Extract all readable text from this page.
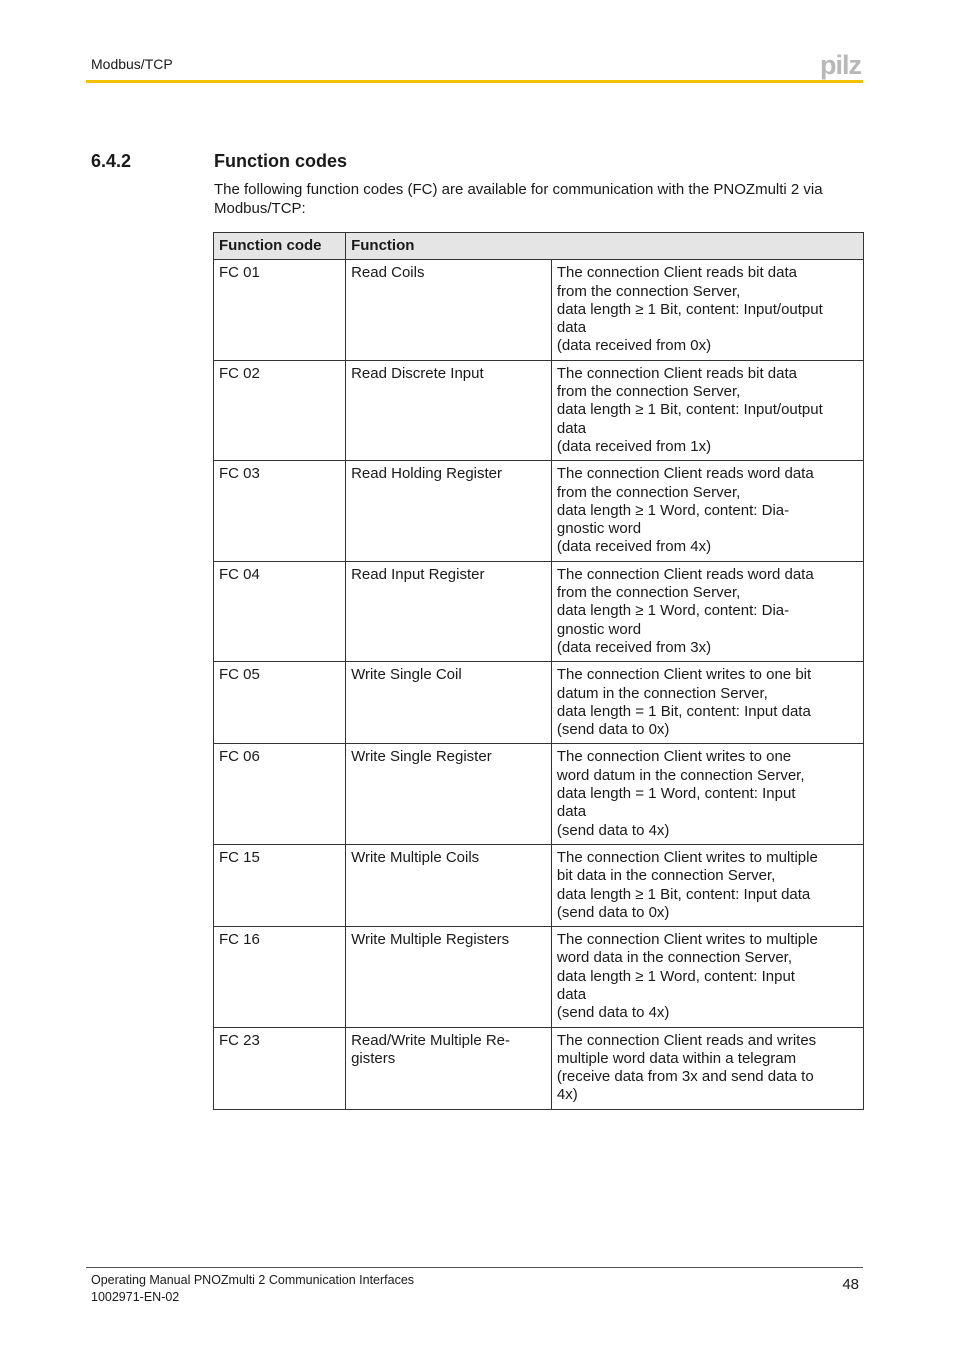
Modbus/TCP	pilz
6.4.2	Function codes
The following function codes (FC) are available for communication with the PNOZmulti 2 via Modbus/TCP:
Function code	Function	
FC 01	Read Coils	The connection Client reads bit data
from the connection Server,
data length ≥ 1 Bit, content: Input/output
data
(data received from 0x)

FC 02	Read Discrete Input	The connection Client reads bit data
from the connection Server,
data length ≥ 1 Bit, content: Input/output
data
(data received from 1x)

FC 03	Read Holding Register	The connection Client reads word data
from the connection Server,
data length ≥ 1 Word, content: Dia-
gnostic word
(data received from 4x)

FC 04	Read Input Register	The connection Client reads word data
from the connection Server,
data length ≥ 1 Word, content: Dia-
gnostic word
(data received from 3x)

FC 05	Write Single Coil	The connection Client writes to one bit
datum in the connection Server,
data length = 1 Bit, content: Input data
(send data to 0x)

FC 06	Write Single Register	The connection Client writes to one
word datum in the connection Server,
data length = 1 Word, content: Input
data
(send data to 4x)

FC 15	Write Multiple Coils	The connection Client writes to multiple
bit data in the connection Server,
data length ≥ 1 Bit, content: Input data
(send data to 0x)

FC 16	Write Multiple Registers	The connection Client writes to multiple
word data in the connection Server,
data length ≥ 1 Word, content: Input
data
(send data to 4x)

FC 23	Read/Write Multiple Re-
gisters	The connection Client reads and writes
multiple word data within a telegram
(receive data from 3x and send data to
4x)
Operating Manual PNOZmulti 2 Communication Interfaces
1002971-EN-02
48
